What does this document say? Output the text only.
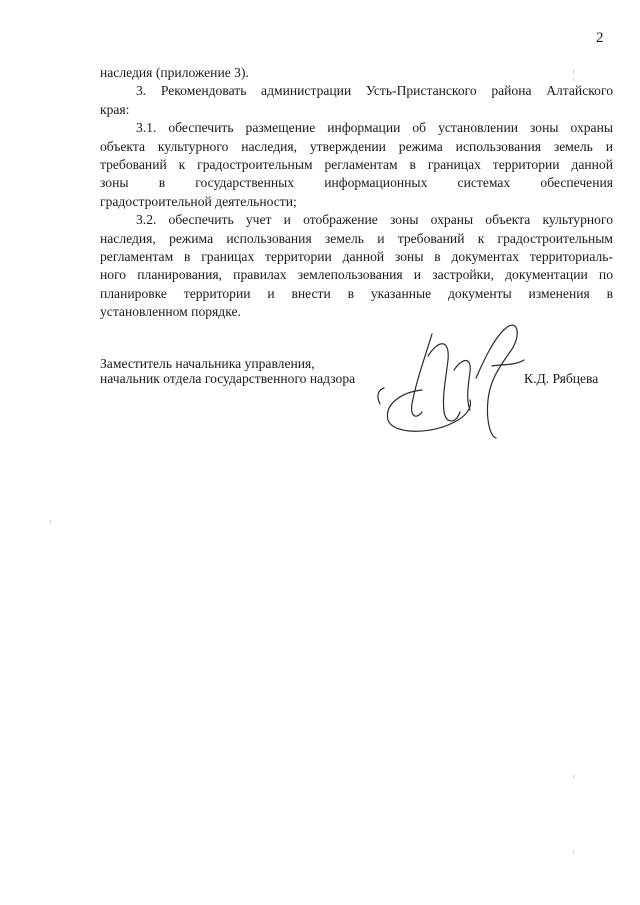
2
наследия (приложение 3).
3. Рекомендовать администрации Усть-Пристанского района Алтайского
края:
3.1. обеспечить размещение информации об установлении зоны охраны
объекта культурного наследия, утверждении режима использования земель и
требований к градостроительным регламентам в границах территории данной
зоны в государственных информационных системах обеспечения
градостроительной деятельности;
3.2. обеспечить учет и отображение зоны охраны объекта культурного
наследия, режима использования земель и требований к градостроительным
регламентам в границах территории данной зоны в документах территориаль-
ного планирования, правилах землепользования и застройки, документации по
планировке территории и внести в указанные документы изменения в
установленном порядке.
Заместитель начальника управления,
начальник отдела государственного надзора	К.Д. Рябцева
